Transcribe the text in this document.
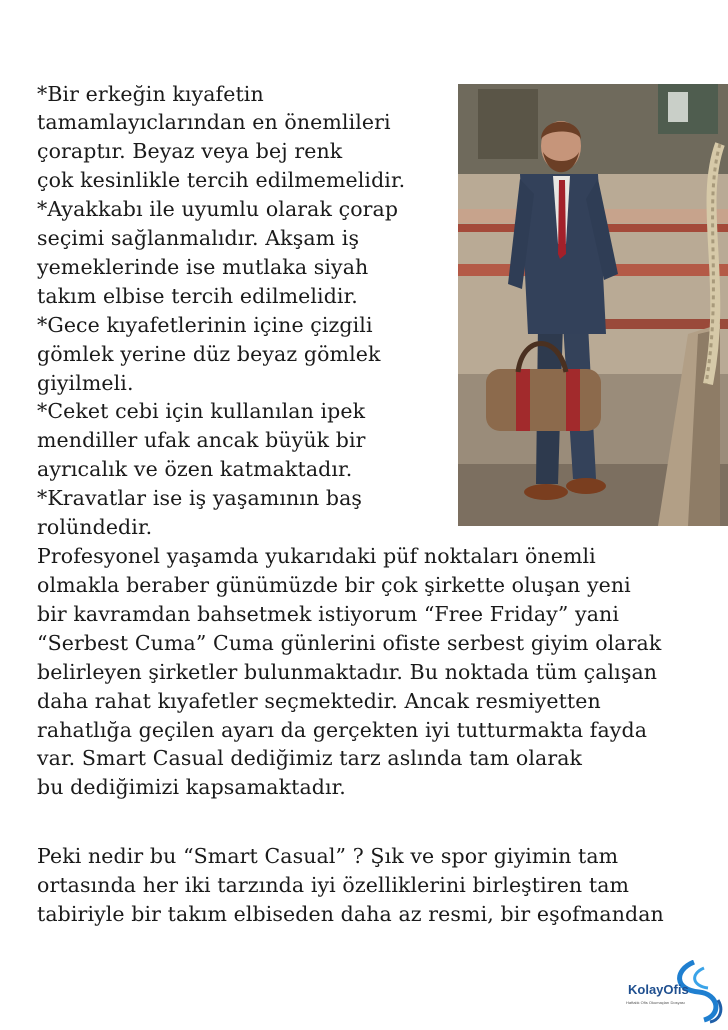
*Bir erkeğin kıyafetin
tamamlayıclarından en önemlileri
çoraptır. Beyaz veya bej renk
çok kesinlikle tercih edilmemelidir.
*Ayakkabı ile uyumlu olarak çorap
seçimi sağlanmalıdır. Akşam iş
yemeklerinde ise mutlaka siyah
takım elbise tercih edilmelidir.
*Gece kıyafetlerinin içine çizgili
gömlek yerine düz beyaz gömlek
giyilmeli.
*Ceket cebi için kullanılan ipek
mendiller ufak ancak büyük bir
ayrıcalık ve özen katmaktadır.
*Kravatlar ise iş yaşamının baş
rolündedir.
Profesyonel yaşamda yukarıdaki püf noktaları önemli
olmakla beraber günümüzde bir çok şirkette oluşan yeni
bir kavramdan bahsetmek istiyorum “Free Friday” yani
“Serbest Cuma” Cuma günlerini ofiste serbest giyim olarak
belirleyen şirketler bulunmaktadır. Bu noktada tüm çalışan
daha rahat kıyafetler seçmektedir. Ancak resmiyetten
rahatlığa geçilen ayarı da gerçekten iyi tutturmakta fayda
var. Smart Casual dediğimiz tarz aslında tam olarak
bu dediğimizi kapsamaktadır.
Peki nedir bu “Smart Casual” ? Şık ve spor giyimin tam
ortasında her iki tarzında iyi özelliklerini birleştiren tam
tabiriyle bir takım elbiseden daha az resmi, bir eşofmandan
KolayOfis
Haftalık Ofis Okumaçları Dosyası
